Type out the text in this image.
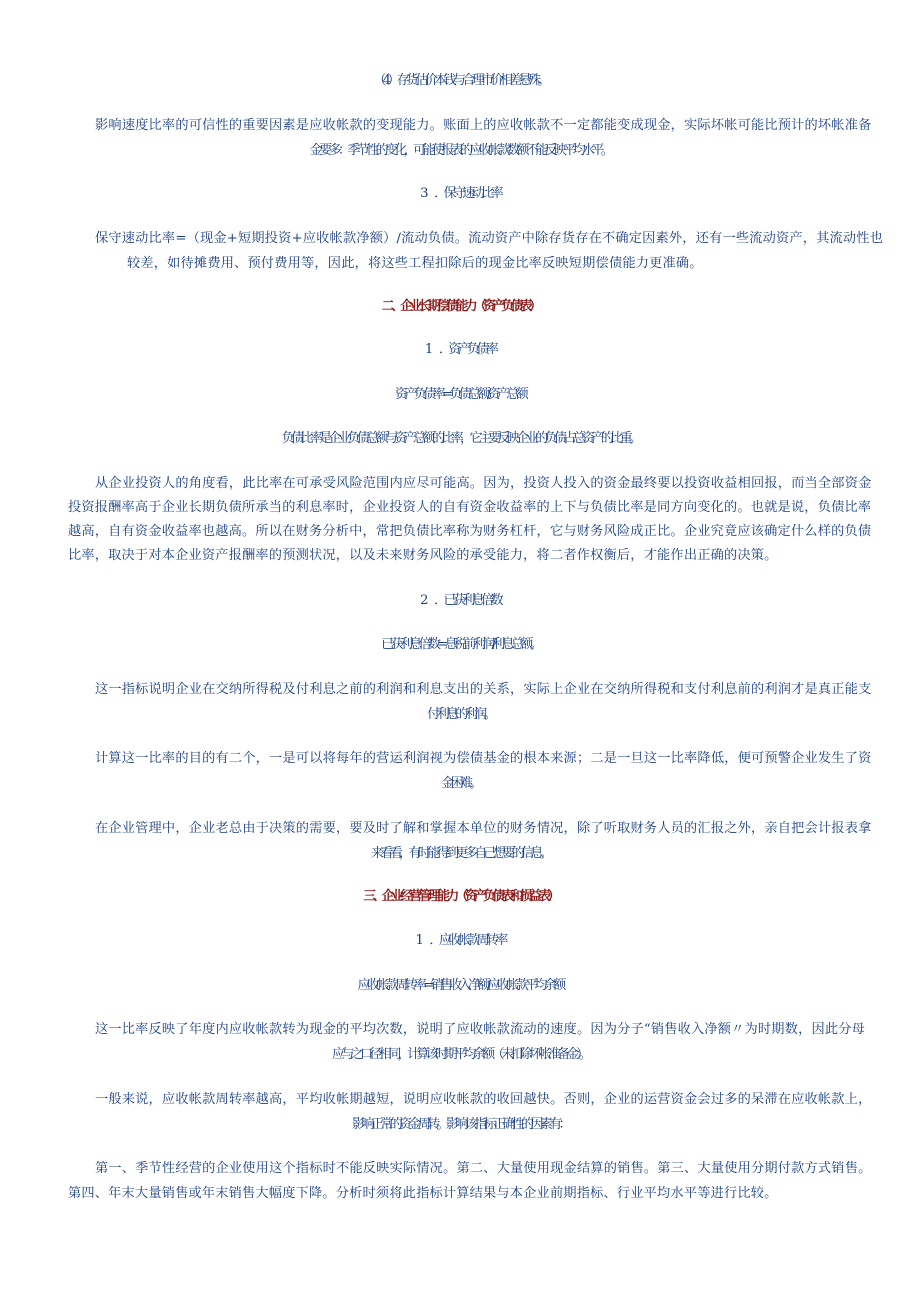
（4）存货估价本钱与合理市价相差悬殊。

影响速度比率的可信性的重要因素是应收帐款的变现能力。账面上的应收帐款不一定都能变成现金，实际坏帐可能比预计的坏帐准备

金要多：季节性的变化，可能使报表的应收帐款数额不能反映平均水平。

3　．保守速动比率

保守速动比率=（现金+短期投资+应收帐款净额）/流动负债。流动资产中除存货存在不确定因素外，还有一些流动资产，其流动性也

较差，如待摊费用、预付费用等，因此，将这些工程扣除后的现金比率反映短期偿债能力更准确。

二、企业长期偿债能力（资产负债表）

1　．资产负债率

资产负债率=负债总额/资产总额

负债比率是企业负债总额与资产总额的比率，它主要反映企业的负债占总资产的比重。

从企业投资人的角度看，此比率在可承受风险范围内应尽可能高。因为，投资人投入的资金最终要以投资收益相回报，而当全部资金

投资报酬率高于企业长期负债所承当的利息率时，企业投资人的自有资金收益率的上下与负债比率是同方向变化的。也就是说，负债比率

越高，自有资金收益率也越高。所以在财务分析中，常把负债比率称为财务杠杆，它与财务风险成正比。企业究竟应该确定什么样的负债

比率，取决于对本企业资产报酬率的预测状况，以及未来财务风险的承受能力，将二者作权衡后，才能作出正确的决策。

2　．已获利息倍数

已获利息倍数=息税前利润/利息总额。

这一指标说明企业在交纳所得税及付利息之前的利润和利息支出的关系，实际上企业在交纳所得税和支付利息前的利润才是真正能支

付利息的利润。

计算这一比率的目的有二个，一是可以将每年的营运利润视为偿债基金的根本来源；二是一旦这一比率降低，便可预警企业发生了资

金困难。

在企业管理中，企业老总由于决策的需要，要及时了解和掌握本单位的财务情况，除了听取财务人员的汇报之外，亲自把会计报表拿

来看看，有时能得到更多自己想要的信息。

三、企业经营管理能力（资产负债表和损益表）

1　．应收帐款周转率

应收帐款周转率=销售收入净额/应收帐款平均余额

这一比率反映了年度内应收帐款转为现金的平均次数，说明了应收帐款流动的速度。因为分子“销售收入净额〃为时期数，因此分母

应与之口径相同，计算该时期平均余额（未扣除坏帐准备金）。

一般来说，应收帐款周转率越高，平均收帐期越短，说明应收帐款的收回越快。否则，企业的运营资金会过多的呆滞在应收帐款上，

影响正常的资金周转。影响该指标正确性的因素有：

第一、季节性经营的企业使用这个指标时不能反映实际情况。第二、大量使用现金结算的销售。第三、大量使用分期付款方式销售。

第四、年末大量销售或年末销售大幅度下降。分析时须将此指标计算结果与本企业前期指标、行业平均水平等进行比较。
